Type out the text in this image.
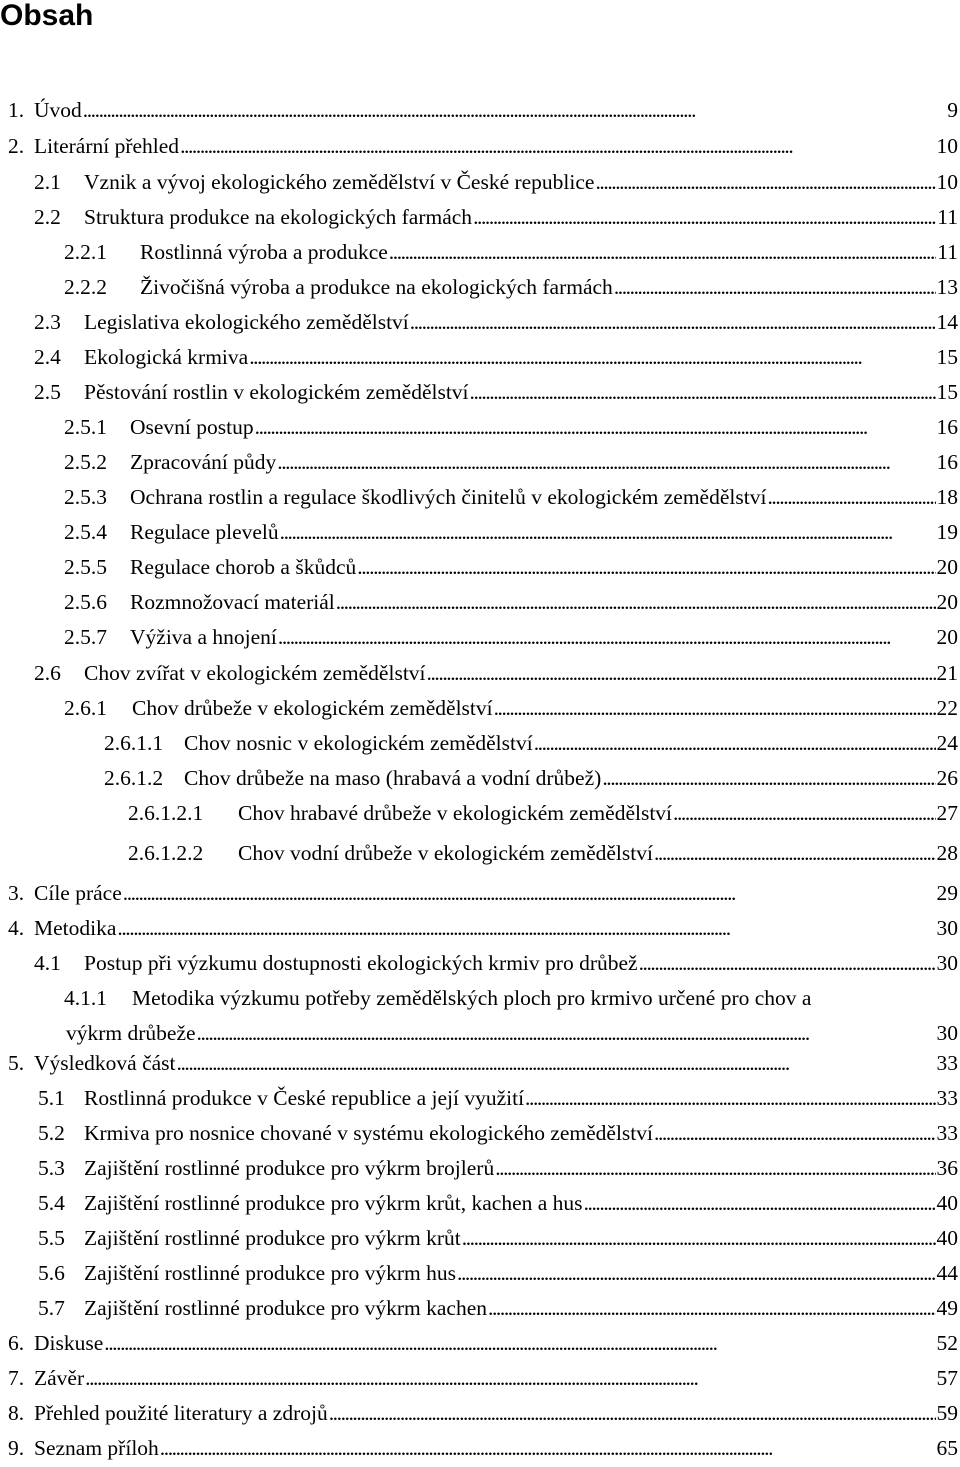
Obsah
1. Úvod . . .	9
2. Literární přehled . . .	10
2.1 Vznik a vývoj ekologického zemědělství v České republice . . .	10
2.2 Struktura produkce na ekologických farmách . . .	11
2.2.1 Rostlinná výroba a produkce . . .	11
2.2.2 Živočišná výroba a produkce na ekologických farmách . . .	13
2.3 Legislativa ekologického zemědělství . . .	14
2.4 Ekologická krmiva . . .	15
2.5 Pěstování rostlin v ekologickém zemědělství . . .	15
2.5.1 Osevní postup . . .	16
2.5.2 Zpracování půdy . . .	16
2.5.3 Ochrana rostlin a regulace škodlivých činitelů v ekologickém zemědělství . . .	18
2.5.4 Regulace plevelů . . .	19
2.5.5 Regulace chorob a škůdců . . .	20
2.5.6 Rozmnožovací materiál . . .	20
2.5.7 Výživa a hnojení . . .	20
2.6 Chov zvířat v ekologickém zemědělství . . .	21
2.6.1 Chov drůbeže v ekologickém zemědělství . . .	22
2.6.1.1 Chov nosnic v ekologickém zemědělství . . .	24
2.6.1.2 Chov drůbeže na maso (hrabavá a vodní drůbež) . . .	26
2.6.1.2.1 Chov hrabavé drůbeže v ekologickém zemědělství . . .	27
2.6.1.2.2 Chov vodní drůbeže v ekologickém zemědělství . . .	28
3. Cíle práce . . .	29
4. Metodika . . .	30
4.1 Postup při výzkumu dostupnosti ekologických krmiv pro drůbež . . .	30
4.1.1 Metodika výzkumu potřeby zemědělských ploch pro krmivo určené pro chov a
výkrm drůbeže . . .	30
5. Výsledková část . . .	33
5.1 Rostlinná produkce v České republice a její využití . . .	33
5.2 Krmiva pro nosnice chované v systému ekologického zemědělství . . .	33
5.3 Zajištění rostlinné produkce pro výkrm brojlerů . . .	36
5.4 Zajištění rostlinné produkce pro výkrm krůt, kachen a hus . . .	40
5.5 Zajištění rostlinné produkce pro výkrm krůt . . .	40
5.6 Zajištění rostlinné produkce pro výkrm hus . . .	44
5.7 Zajištění rostlinné produkce pro výkrm kachen . . .	49
6. Diskuse . . .	52
7. Závěr . . .	57
8. Přehled použité literatury a zdrojů . . .	59
9. Seznam příloh . . .	65
